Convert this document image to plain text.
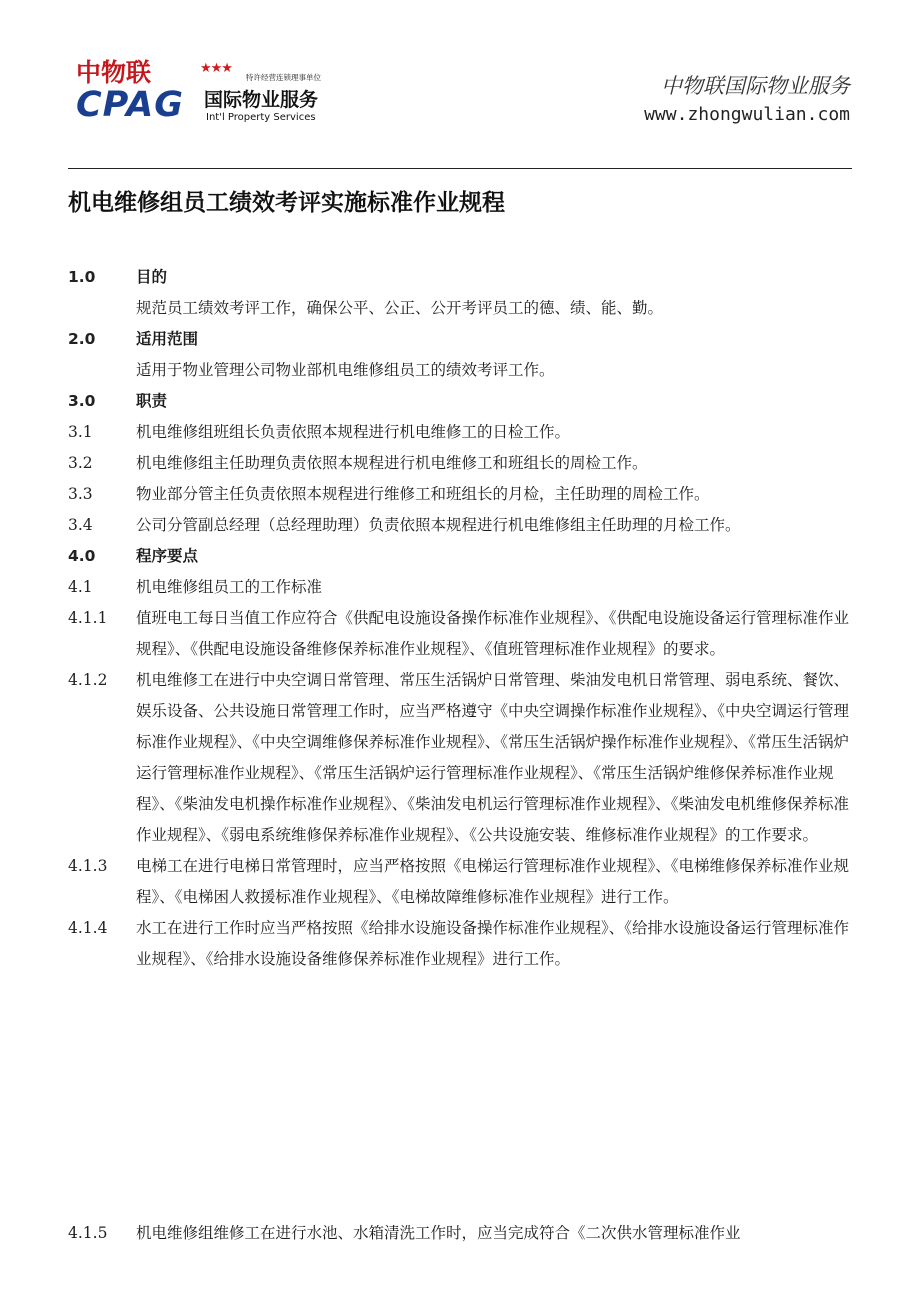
中物联	★★★
特许经营连锁理事单位
CPAG 国际物业服务
Int'l Property Services
中物联国际物业服务
www.zhongwulian.com
机电维修组员工绩效考评实施标准作业规程
1.0	目的
规范员工绩效考评工作，确保公平、公正、公开考评员工的德、绩、能、勤。
2.0	适用范围
适用于物业管理公司物业部机电维修组员工的绩效考评工作。
3.0	职责
3.1	机电维修组班组长负责依照本规程进行机电维修工的日检工作。
3.2	机电维修组主任助理负责依照本规程进行机电维修工和班组长的周检工作。
3.3	物业部分管主任负责依照本规程进行维修工和班组长的月检，主任助理的周检工作。
3.4	公司分管副总经理（总经理助理）负责依照本规程进行机电维修组主任助理的月检工作。
4.0	程序要点
4.1	机电维修组员工的工作标准
4.1.1	值班电工每日当值工作应符合《供配电设施设备操作标准作业规程》、《供配电设施设备运行管理标准作业规程》、《供配电设施设备维修保养标准作业规程》、《值班管理标准作业规程》的要求。
4.1.2	机电维修工在进行中央空调日常管理、常压生活锅炉日常管理、柴油发电机日常管理、弱电系统、餐饮、娱乐设备、公共设施日常管理工作时，应当严格遵守《中央空调操作标准作业规程》、《中央空调运行管理标准作业规程》、《中央空调维修保养标准作业规程》、《常压生活锅炉操作标准作业规程》、《常压生活锅炉运行管理标准作业规程》、《常压生活锅炉运行管理标准作业规程》、《常压生活锅炉维修保养标准作业规程》、《柴油发电机操作标准作业规程》、《柴油发电机运行管理标准作业规程》、《柴油发电机维修保养标准作业规程》、《弱电系统维修保养标准作业规程》、《公共设施安装、维修标准作业规程》的工作要求。
4.1.3	电梯工在进行电梯日常管理时，应当严格按照《电梯运行管理标准作业规程》、《电梯维修保养标准作业规程》、《电梯困人救援标准作业规程》、《电梯故障维修标准作业规程》进行工作。
4.1.4	水工在进行工作时应当严格按照《给排水设施设备操作标准作业规程》、《给排水设施设备运行管理标准作业规程》、《给排水设施设备维修保养标准作业规程》进行工作。
4.1.5	机电维修组维修工在进行水池、水箱清洗工作时，应当完成符合《二次供水管理标准作业
